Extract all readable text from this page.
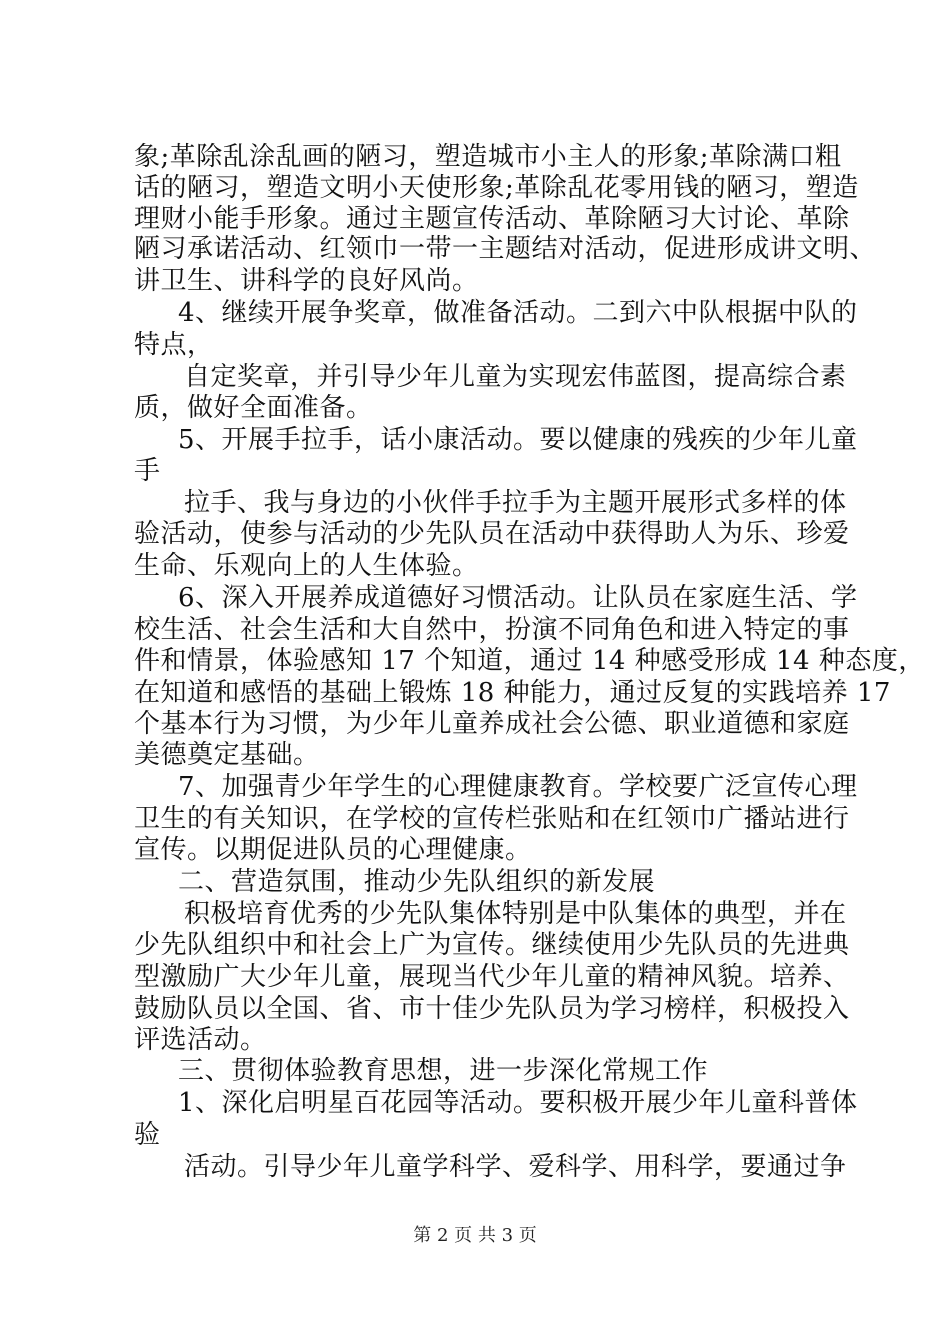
象;革除乱涂乱画的陋习，塑造城市小主人的形象;革除满口粗
话的陋习，塑造文明小天使形象;革除乱花零用钱的陋习，塑造
理财小能手形象。通过主题宣传活动、革除陋习大讨论、革除
陋习承诺活动、红领巾一带一主题结对活动，促进形成讲文明、
讲卫生、讲科学的良好风尚。
4、继续开展争奖章，做准备活动。二到六中队根据中队的
特点，
自定奖章，并引导少年儿童为实现宏伟蓝图，提高综合素
质，做好全面准备。
5、开展手拉手，话小康活动。要以健康的残疾的少年儿童
手
拉手、我与身边的小伙伴手拉手为主题开展形式多样的体
验活动，使参与活动的少先队员在活动中获得助人为乐、珍爱
生命、乐观向上的人生体验。
6、深入开展养成道德好习惯活动。让队员在家庭生活、学
校生活、社会生活和大自然中，扮演不同角色和进入特定的事
件和情景，体验感知 17 个知道，通过 14 种感受形成 14 种态度，
在知道和感悟的基础上锻炼 18 种能力，通过反复的实践培养 17
个基本行为习惯，为少年儿童养成社会公德、职业道德和家庭
美德奠定基础。
7、加强青少年学生的心理健康教育。学校要广泛宣传心理
卫生的有关知识，在学校的宣传栏张贴和在红领巾广播站进行
宣传。以期促进队员的心理健康。
二、营造氛围，推动少先队组织的新发展
积极培育优秀的少先队集体特别是中队集体的典型，并在
少先队组织中和社会上广为宣传。继续使用少先队员的先进典
型激励广大少年儿童，展现当代少年儿童的精神风貌。培养、
鼓励队员以全国、省、市十佳少先队员为学习榜样，积极投入
评选活动。
三、贯彻体验教育思想，进一步深化常规工作
1、深化启明星百花园等活动。要积极开展少年儿童科普体
验
活动。引导少年儿童学科学、爱科学、用科学，要通过争
第 2 页 共 3 页
